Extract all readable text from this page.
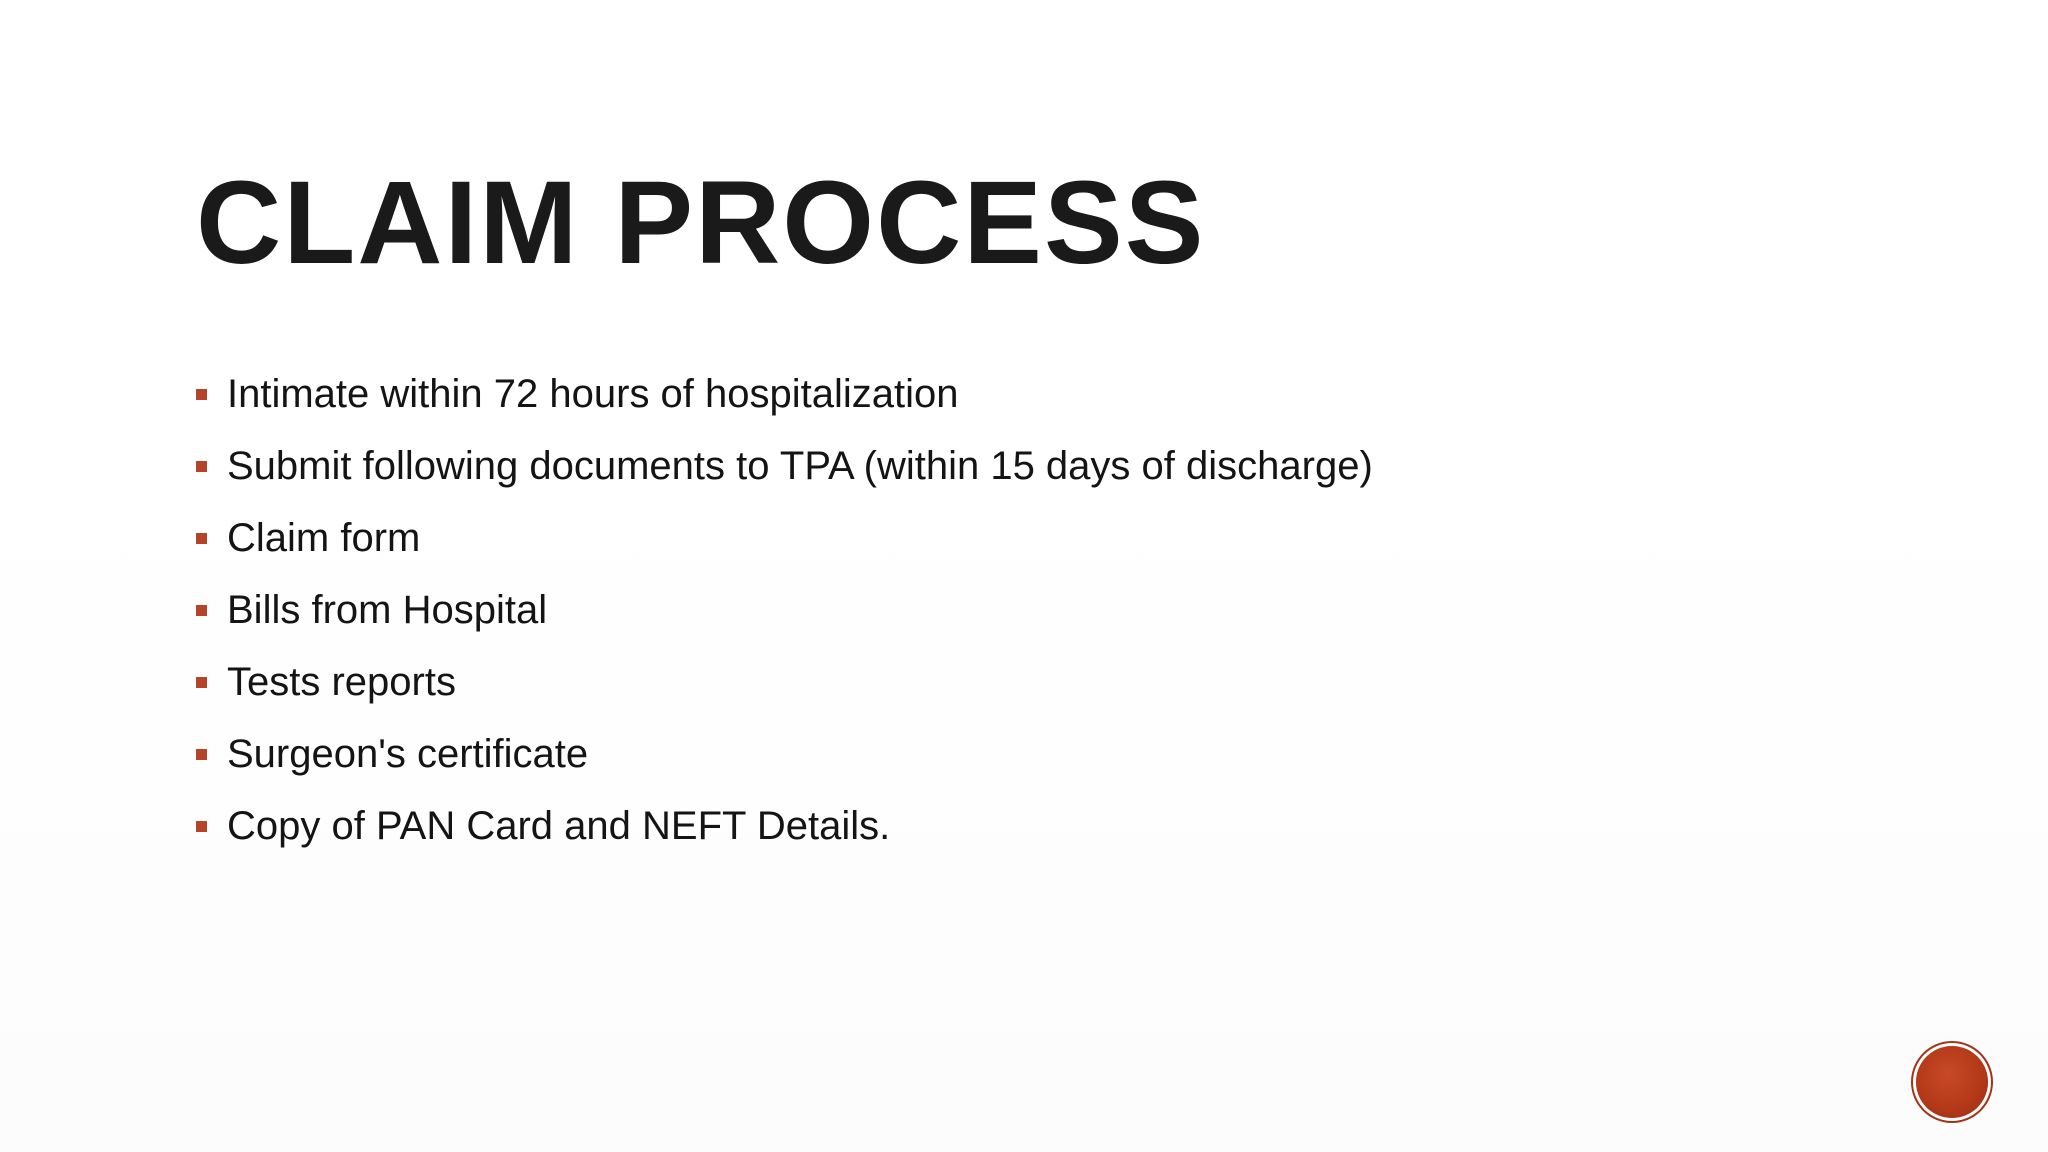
CLAIM PROCESS
Intimate within 72 hours of hospitalization
Submit following documents to TPA (within 15 days of discharge)
Claim form
Bills from Hospital
Tests reports
Surgeon's certificate
Copy of PAN Card and NEFT Details.
